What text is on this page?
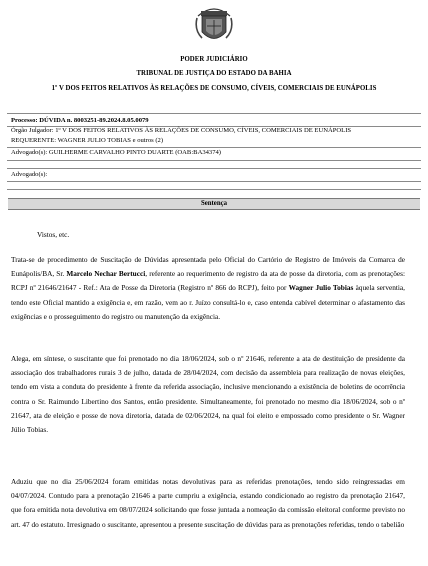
PODER JUDICIÁRIO
TRIBUNAL DE JUSTIÇA DO ESTADO DA BAHIA
1º V DOS FEITOS RELATIVOS ÀS RELAÇÕES DE CONSUMO, CÍVEIS, COMERCIAIS DE EUNÁPOLIS
Processo: DÚVIDA n. 8003251-89.2024.8.05.0079
Órgão Julgador: 1º V DOS FEITOS RELATIVOS ÀS RELAÇÕES DE CONSUMO, CÍVEIS, COMERCIAIS DE EUNÁPOLIS
REQUERENTE: WAGNER JULIO TOBIAS e outros (2)
Advogado(s): GUILHERME CARVALHO PINTO DUARTE (OAB:BA34374)
Advogado(s):
Sentença
Vistos, etc.
Trata-se de procedimento de Suscitação de Dúvidas apresentada pelo Oficial do Cartório de Registro de Imóveis da Comarca de Eunápolis/BA, Sr. Marcelo Nechar Bertucci, referente ao requerimento de registro da ata de posse da diretoria, com as prenotações: RCPJ nº 21646/21647 - Ref.: Ata de Posse da Diretoria (Registro nº 866 do RCPJ), feito por Wagner Julio Tobias àquela serventia, tendo este Oficial mantido a exigência e, em razão, vem ao r. Juízo consultá-lo e, caso entenda cabível determinar o afastamento das exigências e o prosseguimento do registro ou manutenção da exigência.
Alega, em síntese, o suscitante que foi prenotado no dia 18/06/2024, sob o nº 21646, referente a ata de destituição de presidente da associação dos trabalhadores rurais 3 de julho, datada de 28/04/2024, com decisão da assembleia para realização de novas eleições, tendo em vista a conduta do presidente à frente da referida associação, inclusive mencionando a existência de boletins de ocorrência contra o Sr. Raimundo Libertino dos Santos, então presidente. Simultaneamente, foi prenotado no mesmo dia 18/06/2024, sob o nº 21647, ata de eleição e posse de nova diretoria, datada de 02/06/2024, na qual foi eleito e empossado como presidente o Sr. Wagner Júlio Tobias.
Aduziu que no dia 25/06/2024 foram emitidas notas devolutivas para as referidas prenotações, tendo sido reingressadas em 04/07/2024. Contudo para a prenotação 21646 a parte cumpriu a exigência, estando condicionado ao registro da prenotação 21647, que fora emitida nota devolutiva em 08/07/2024 solicitando que fosse juntada a nomeação da comissão eleitoral conforme previsto no art. 47 do estatuto. Irresignado o suscitante, apresentou a presente suscitação de dúvidas para as prenotações referidas, tendo o tabelião
